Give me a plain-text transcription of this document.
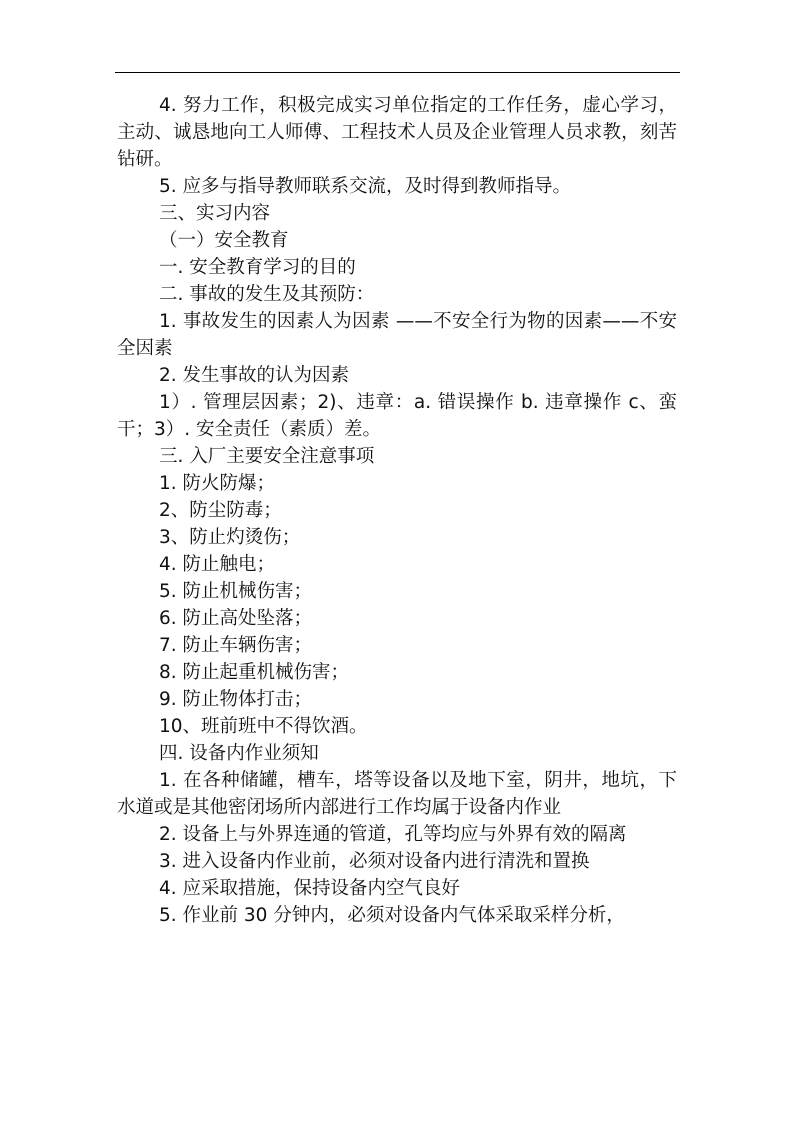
4. 努力工作，积极完成实习单位指定的工作任务，虚心学习，主动、诚恳地向工人师傅、工程技术人员及企业管理人员求教，刻苦钻研。

5. 应多与指导教师联系交流，及时得到教师指导。

三、实习内容

（一）安全教育

一. 安全教育学习的目的

二. 事故的发生及其预防：

1. 事故发生的因素人为因素 ——不安全行为物的因素——不安全因素

2. 发生事故的认为因素

1）. 管理层因素；2)、违章：a. 错误操作 b. 违章操作 c、蛮干；3）. 安全责任（素质）差。

三. 入厂主要安全注意事项

1. 防火防爆；

2、防尘防毒；

3、防止灼烫伤；

4. 防止触电；

5. 防止机械伤害；

6. 防止高处坠落；

7. 防止车辆伤害；

8. 防止起重机械伤害；

9. 防止物体打击；

10、班前班中不得饮酒。

四. 设备内作业须知

1. 在各种储罐，槽车，塔等设备以及地下室，阴井，地坑，下水道或是其他密闭场所内部进行工作均属于设备内作业

2. 设备上与外界连通的管道，孔等均应与外界有效的隔离

3. 进入设备内作业前，必须对设备内进行清洗和置换

4. 应采取措施，保持设备内空气良好

5. 作业前 30 分钟内，必须对设备内气体采取采样分析，
